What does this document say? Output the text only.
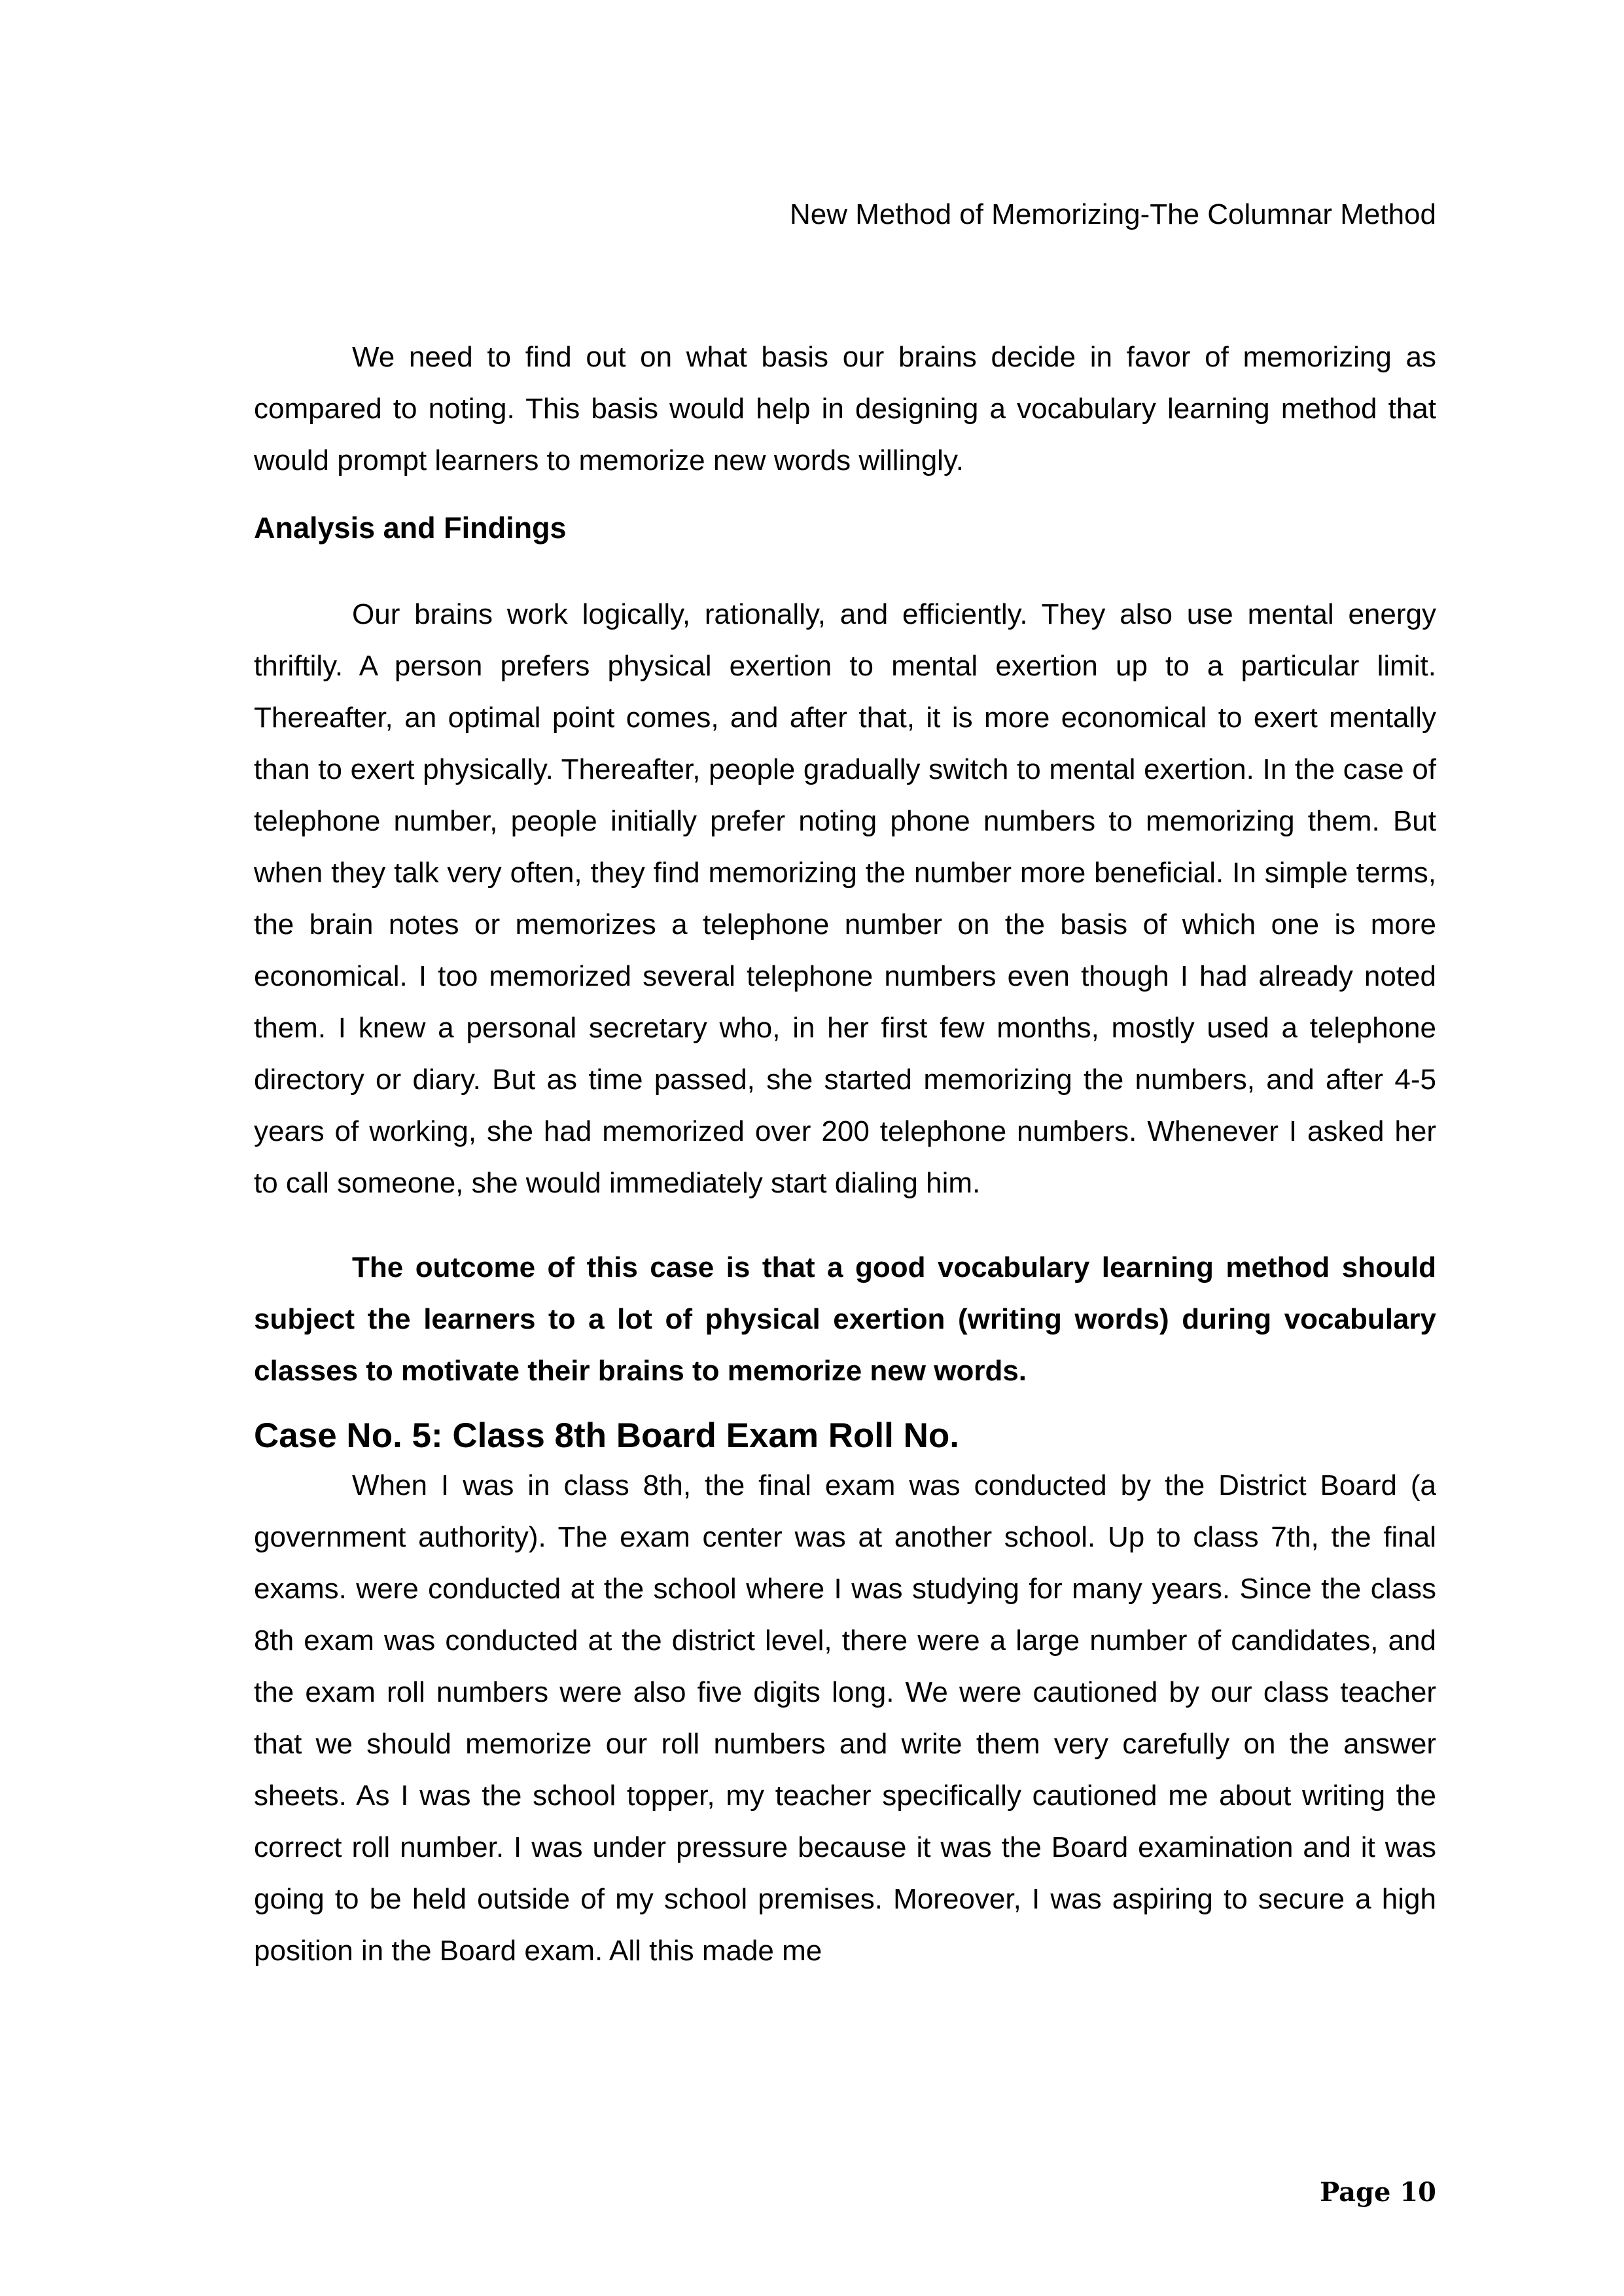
New Method of Memorizing-The Columnar Method

We need to find out on what basis our brains decide in favor of memorizing as compared to noting. This basis would help in designing a vocabulary learning method that would prompt learners to memorize new words willingly.

Analysis and Findings

Our brains work logically, rationally, and efficiently. They also use mental energy thriftily. A person prefers physical exertion to mental exertion up to a particular limit. Thereafter, an optimal point comes, and after that, it is more economical to exert mentally than to exert physically. Thereafter, people gradually switch to mental exertion. In the case of telephone number, people initially prefer noting phone numbers to memorizing them. But when they talk very often, they find memorizing the number more beneficial. In simple terms, the brain notes or memorizes a telephone number on the basis of which one is more economical. I too memorized several telephone numbers even though I had already noted them. I knew a personal secretary who, in her first few months, mostly used a telephone directory or diary. But as time passed, she started memorizing the numbers, and after 4-5 years of working, she had memorized over 200 telephone numbers. Whenever I asked her to call someone, she would immediately start dialing him.

The outcome of this case is that a good vocabulary learning method should subject the learners to a lot of physical exertion (writing words) during vocabulary classes to motivate their brains to memorize new words.

Case No. 5: Class 8th Board Exam Roll No.

When I was in class 8th, the final exam was conducted by the District Board (a government authority). The exam center was at another school. Up to class 7th, the final exams. were conducted at the school where I was studying for many years. Since the class 8th exam was conducted at the district level, there were a large number of candidates, and the exam roll numbers were also five digits long. We were cautioned by our class teacher that we should memorize our roll numbers and write them very carefully on the answer sheets. As I was the school topper, my teacher specifically cautioned me about writing the correct roll number. I was under pressure because it was the Board examination and it was going to be held outside of my school premises. Moreover, I was aspiring to secure a high position in the Board exam. All this made me

Page 10
